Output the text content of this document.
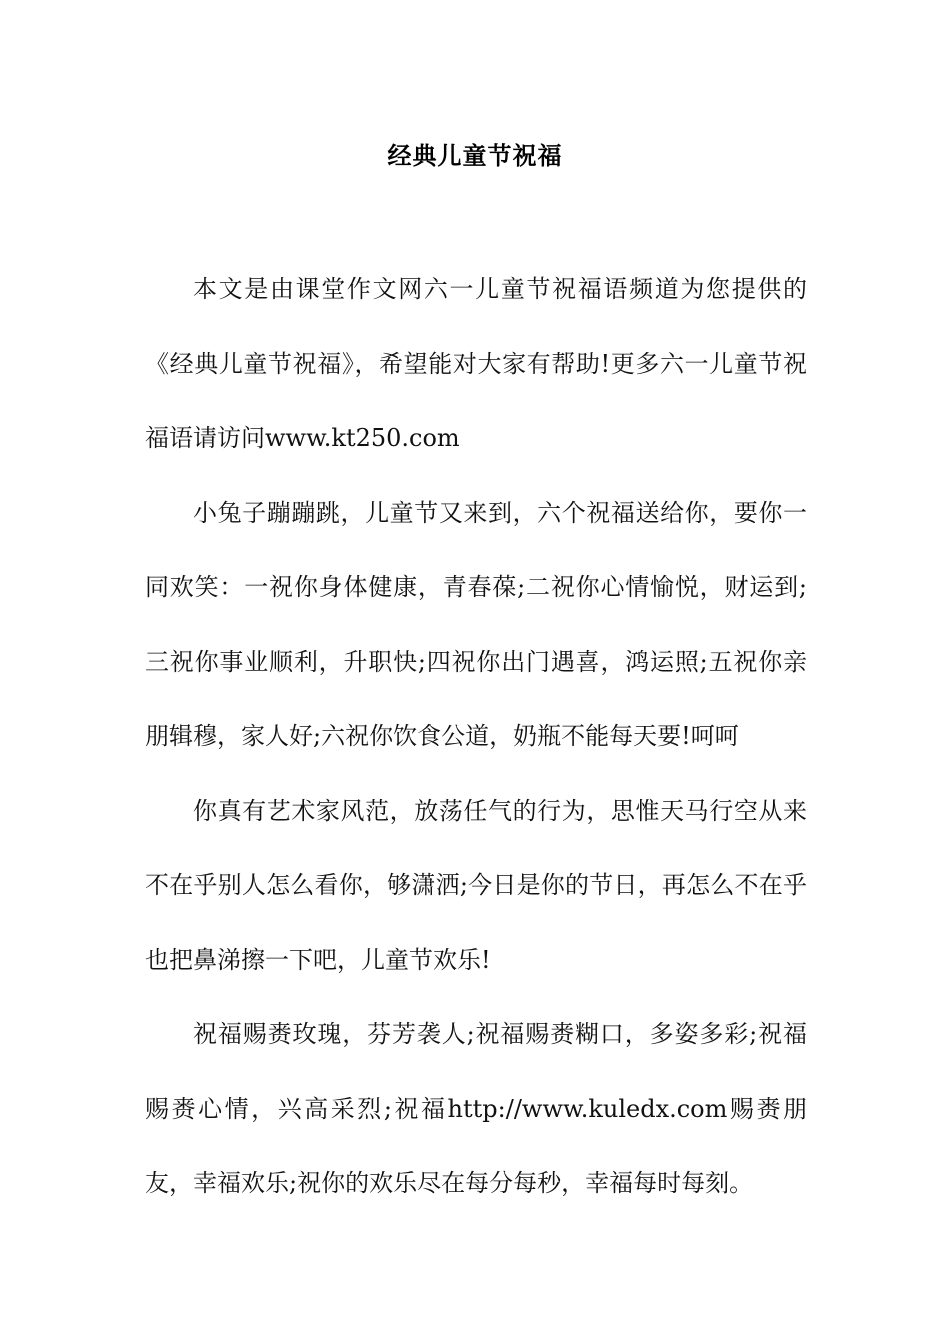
经典儿童节祝福

本文是由课堂作文网六一儿童节祝福语频道为您提供的《经典儿童节祝福》，希望能对大家有帮助!更多六一儿童节祝福语请访问www.kt250.com

小兔子蹦蹦跳，儿童节又来到，六个祝福送给你，要你一同欢笑：一祝你身体健康，青春葆;二祝你心情愉悦，财运到;三祝你事业顺利，升职快;四祝你出门遇喜，鸿运照;五祝你亲朋辑穆，家人好;六祝你饮食公道，奶瓶不能每天要!呵呵

你真有艺术家风范，放荡任气的行为，思惟天马行空从来不在乎别人怎么看你，够潇洒;今日是你的节日，再怎么不在乎也把鼻涕擦一下吧，儿童节欢乐!

祝福赐赉玫瑰，芬芳袭人;祝福赐赉糊口，多姿多彩;祝福赐赉心情，兴高采烈;祝福http://www.kuledx.com赐赉朋友，幸福欢乐;祝你的欢乐尽在每分每秒，幸福每时每刻。
